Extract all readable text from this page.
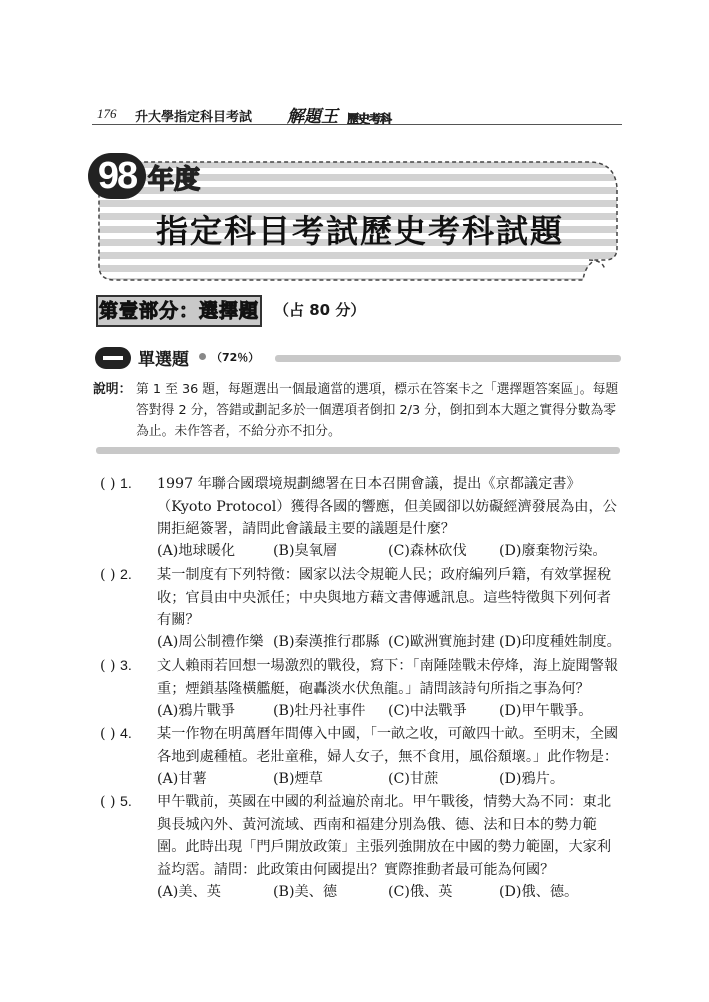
176 升大學指定科目考試 解題王 歷史考科
98 年度
指定科目考試歷史考科試題
第壹部分：選擇題 （占 80 分）
單選題 （72％）
說明： 第 1 至 36 題，每題選出一個最適當的選項，標示在答案卡之「選擇題答案區」。每題答對得 2 分，答錯或劃記多於一個選項者倒扣 2/3 分，倒扣到本大題之實得分數為零為止。未作答者，不給分亦不扣分。
( ) 1. 1997 年聯合國環境規劃總署在日本召開會議，提出《京都議定書》（Kyoto Protocol）獲得各國的響應，但美國卻以妨礙經濟發展為由，公開拒絕簽署，請問此會議最主要的議題是什麼？
(A)地球暖化	(B)臭氧層	(C)森林砍伐 (D)廢棄物污染。
( ) 2. 某一制度有下列特徵：國家以法令規範人民；政府編列戶籍，有效掌握稅收；官員由中央派任；中央與地方藉文書傳遞訊息。這些特徵與下列何者有關？
(A)周公制禮作樂 (B)秦漢推行郡縣 (C)歐洲實施封建 (D)印度種姓制度。
( ) 3. 文人賴雨若回想一場激烈的戰役，寫下：「南陲陸戰未停烽，海上旋聞警報重；煙鎖基隆橫艦艇，砲轟淡水伏魚龍。」請問該詩句所指之事為何？
(A)鴉片戰爭	(B)牡丹社事件 (C)中法戰爭 (D)甲午戰爭。
( ) 4. 某一作物在明萬曆年間傳入中國，「一畝之收，可敵四十畝。至明末，全國各地到處種植。老壯童稚，婦人女子，無不食用，風俗頹壞。」此作物是：
(A)甘薯	(B)煙草	(C)甘蔗	(D)鴉片。
( ) 5. 甲午戰前，英國在中國的利益遍於南北。甲午戰後，情勢大為不同：東北與長城內外、黃河流域、西南和福建分別為俄、德、法和日本的勢力範圍。此時出現「門戶開放政策」主張列強開放在中國的勢力範圍，大家利益均霑。請問：此政策由何國提出？實際推動者最可能為何國？
(A)美、英	(B)美、德	(C)俄、英	(D)俄、德。
